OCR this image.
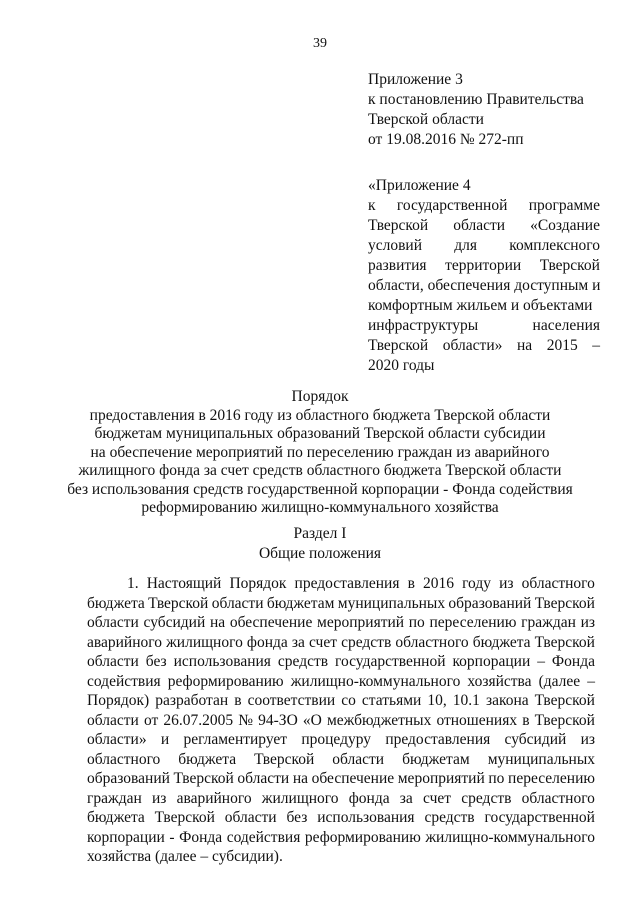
39
Приложение 3
к постановлению Правительства
Тверской области
от 19.08.2016 № 272-пп
«Приложение 4
к государственной программе
Тверской области «Создание
условий для комплексного
развития территории Тверской
области, обеспечения доступным и
комфортным жильем и объектами
инфраструктуры	населения
Тверской области» на 2015 –
2020 годы
Порядок
предоставления в 2016 году из областного бюджета Тверской области
бюджетам муниципальных образований Тверской области субсидии
на обеспечение мероприятий по переселению граждан из аварийного
жилищного фонда за счет средств областного бюджета Тверской области
без использования средств государственной корпорации - Фонда содействия
реформированию жилищно-коммунального хозяйства
Раздел I
Общие положения
1. Настоящий Порядок предоставления в 2016 году из областного
бюджета Тверской области бюджетам муниципальных образований Тверской
области субсидий на обеспечение мероприятий по переселению граждан из
аварийного жилищного фонда за счет средств областного бюджета Тверской
области без использования средств государственной корпорации – Фонда
содействия реформированию жилищно-коммунального хозяйства (далее –
Порядок) разработан в соответствии со статьями 10, 10.1 закона Тверской
области от 26.07.2005 № 94-ЗО «О межбюджетных отношениях в Тверской
области» и регламентирует процедуру предоставления субсидий из
областного бюджета Тверской области бюджетам муниципальных
образований Тверской области на обеспечение мероприятий по переселению
граждан из аварийного жилищного фонда за счет средств областного
бюджета Тверской области без использования средств государственной
корпорации - Фонда содействия реформированию жилищно-коммунального
хозяйства (далее – субсидии).
